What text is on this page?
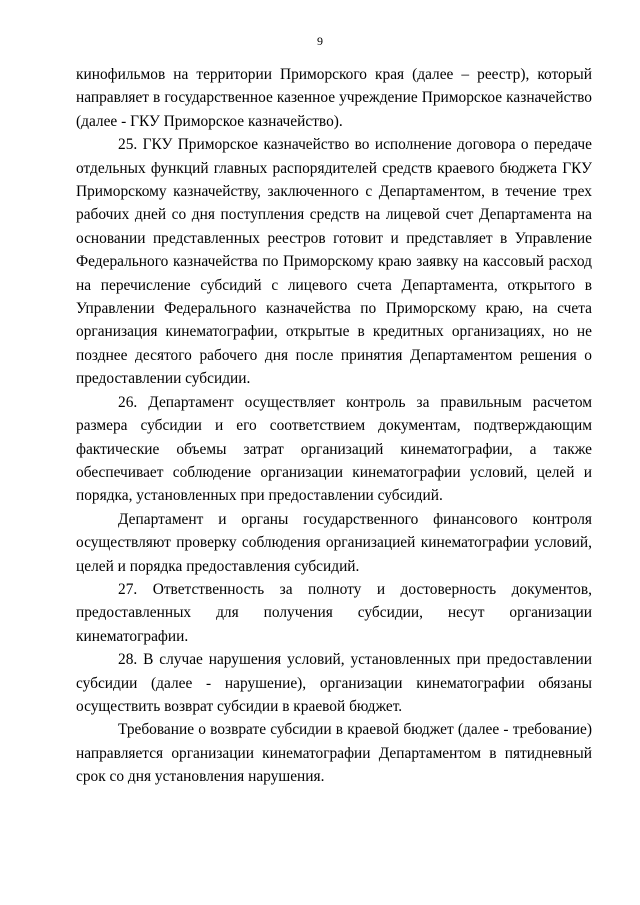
9

кинофильмов на территории Приморского края (далее – реестр), который направляет в государственное казенное учреждение Приморское казначейство (далее - ГКУ Приморское казначейство).

25. ГКУ Приморское казначейство во исполнение договора о передаче отдельных функций главных распорядителей средств краевого бюджета ГКУ Приморскому казначейству, заключенного с Департаментом, в течение трех рабочих дней со дня поступления средств на лицевой счет Департамента на основании представленных реестров готовит и представляет в Управление Федерального казначейства по Приморскому краю заявку на кассовый расход на перечисление субсидий с лицевого счета Департамента, открытого в Управлении Федерального казначейства по Приморскому краю, на счета организация кинематографии, открытые в кредитных организациях, но не позднее десятого рабочего дня после принятия Департаментом решения о предоставлении субсидии.

26. Департамент осуществляет контроль за правильным расчетом размера субсидии и его соответствием документам, подтверждающим фактические объемы затрат организаций кинематографии, а также обеспечивает соблюдение организации кинематографии условий, целей и порядка, установленных при предоставлении субсидий.

Департамент и органы государственного финансового контроля осуществляют проверку соблюдения организацией кинематографии условий, целей и порядка предоставления субсидий.

27. Ответственность за полноту и достоверность документов, предоставленных для получения субсидии, несут организации кинематографии.

28. В случае нарушения условий, установленных при предоставлении субсидии (далее - нарушение), организации кинематографии обязаны осуществить возврат субсидии в краевой бюджет.

Требование о возврате субсидии в краевой бюджет (далее - требование) направляется организации кинематографии Департаментом в пятидневный срок со дня установления нарушения.
